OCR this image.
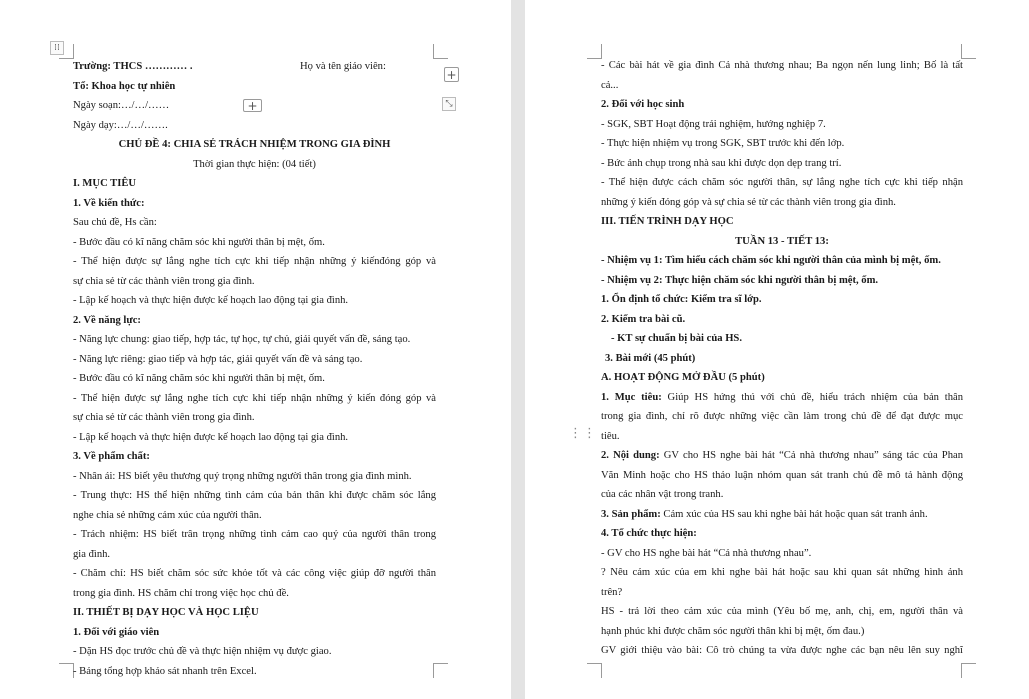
⁞⁞
+
+	⤡
Trường: THCS ………… .	Họ và tên giáo viên:
Tổ: Khoa học tự nhiên
Ngày soạn:…/…/……
Ngày dạy:…/…/…….
CHỦ ĐỀ 4: CHIA SẺ TRÁCH NHIỆM TRONG GIA ĐÌNH
Thời gian thực hiện: (04 tiết)
I. MỤC TIÊU
1. Về kiến thức:
Sau chủ đề, Hs cần:
- Bước đầu có kĩ năng chăm sóc khi người thân bị mệt, ốm.
- Thể hiện được sự lắng nghe tích cực khi tiếp nhận những ý kiếnđóng góp và
sự chia sẻ từ các thành viên trong gia đình.
- Lập kế hoạch và thực hiện được kế hoạch lao động tại gia đình.
2. Về năng lực:
- Năng lực chung: giao tiếp, hợp tác, tự học, tự chủ, giải quyết vấn đề, sáng tạo.
- Năng lực riêng: giao tiếp và hợp tác, giải quyết vấn đề và sáng tạo.
- Bước đầu có kĩ năng chăm sóc khi người thân bị mệt, ốm.
- Thể hiện được sự lắng nghe tích cực khi tiếp nhận những ý kiến đóng góp và
sự chia sẻ từ các thành viên trong gia đình.
- Lập kế hoạch và thực hiện được kế hoạch lao động tại gia đình.
3. Về phẩm chất:
- Nhân ái: HS biết yêu thương quý trọng những người thân trong gia đình mình.
- Trung thực: HS thể hiện những tình cảm của bản thân khi được chăm sóc lắng
nghe chia sẻ những cảm xúc của người thân.
- Trách nhiệm: HS biết trân trọng những tình cảm cao quý của người thân trong
gia đình.
- Chăm chỉ: HS biết chăm sóc sức khỏe tốt và các công việc giúp đỡ người thân
trong gia đình. HS chăm chỉ trong việc học chủ đề.
II. THIẾT BỊ DẠY HỌC VÀ HỌC LIỆU
1. Đối với giáo viên
- Dặn HS đọc trước chủ đề và thực hiện nhiệm vụ được giao.
- Bảng tổng hợp khảo sát nhanh trên Excel.
⋮⋮
- Các bài hát về gia đình Cả nhà thương nhau; Ba ngọn nến lung linh; Bố là tất
cả...
2. Đối với học sinh
- SGK, SBT Hoạt động trải nghiệm, hướng nghiệp 7.
- Thực hiện nhiệm vụ trong SGK, SBT trước khi đến lớp.
- Bức ảnh chụp trong nhà sau khi được dọn dẹp trang trí.
- Thể hiện được cách chăm sóc người thân, sự lắng nghe tích cực khi tiếp nhận
những ý kiến đóng góp và sự chia sẻ từ các thành viên trong gia đình.
III. TIẾN TRÌNH DẠY HỌC
TUẦN 13 - TIẾT 13:
- Nhiệm vụ 1: Tìm hiểu cách chăm sóc khi người thân của mình bị mệt, ốm.
- Nhiệm vụ 2: Thực hiện chăm sóc khi người thân bị mệt, ốm.
1. Ổn định tổ chức: Kiểm tra sĩ lớp.
2. Kiểm tra bài cũ.
- KT sự chuẩn bị bài của HS.
3. Bài mới (45 phút)
A. HOẠT ĐỘNG MỞ ĐẦU (5 phút)
1. Mục tiêu: Giúp HS hứng thú với chủ đề, hiểu trách nhiệm của bản thân
trong gia đình, chỉ rõ được những việc cần làm trong chủ đề để đạt được mục
tiêu.
2. Nội dung: GV cho HS nghe bài hát “Cả nhà thương nhau” sáng tác của Phan
Văn Minh hoặc cho HS thảo luận nhóm quan sát tranh chủ đề mô tả hành động
của các nhân vật trong tranh.
3. Sản phẩm: Cảm xúc của HS sau khi nghe bài hát hoặc quan sát tranh ảnh.
4. Tổ chức thực hiện:
- GV cho HS nghe bài hát “Cả nhà thương nhau”.
? Nêu cảm xúc của em khi nghe bài hát hoặc sau khi quan sát những hình ảnh
trên?
HS - trả lời theo cảm xúc của mình (Yêu bố mẹ, anh, chị, em, người thân và
hạnh phúc khi được chăm sóc người thân khi bị mệt, ốm đau.)
GV giới thiệu vào bài: Cô trò chúng ta vừa được nghe các bạn nêu lên suy nghĩ
